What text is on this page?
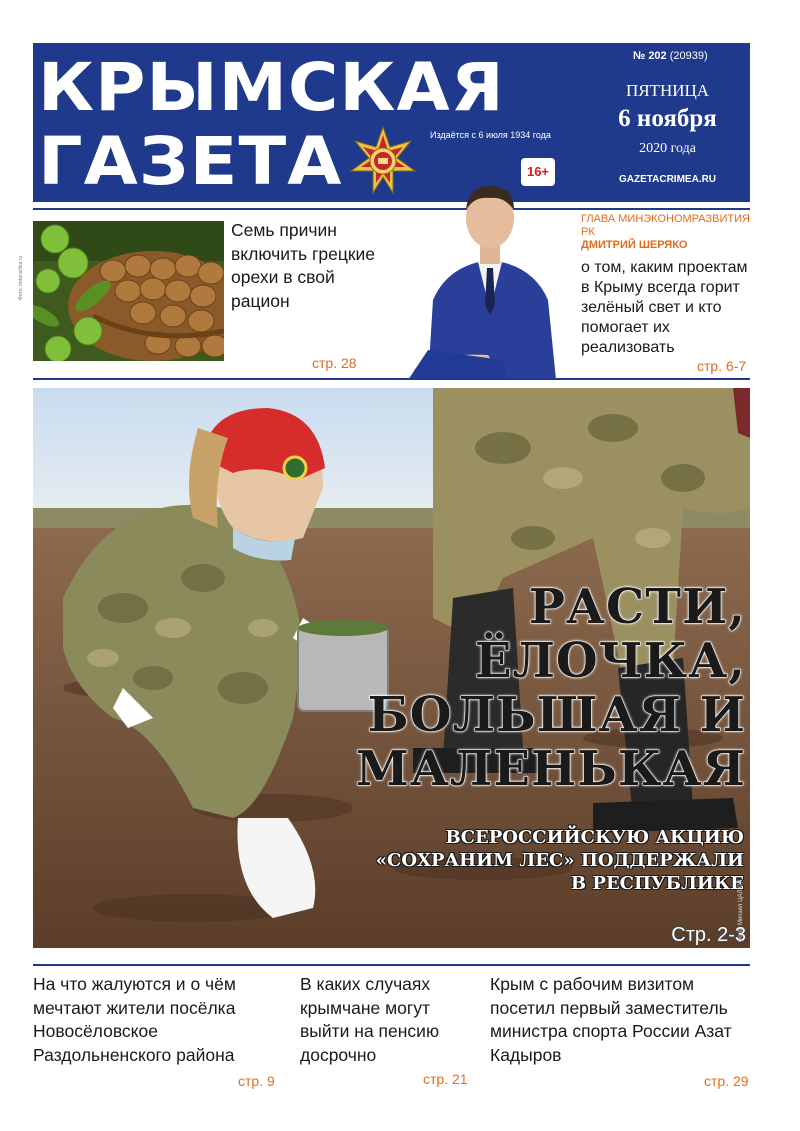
КРЫМСКАЯ
ГАЗЕТА	Издаётся с 6 июля 1934 года
16+
№ 202 (20939)
ПЯТНИЦА
6 ноября
2020 года
GAZETACRIMEA.RU
Фото: botanichka.ru
Семь причин включить грецкие орехи в свой рацион
стр. 28
ГЛАВА МИНЭКОНОМРАЗВИТИЯ РК
ДМИТРИЙ ШЕРЯКО
о том, каким проектам в Крыму всегда горит зелёный свет и кто помогает их реализовать
стр. 6-7
РАСТИ,
ЁЛОЧКА,
БОЛЬШАЯ И
МАЛЕНЬКАЯ
ВСЕРОССИЙСКУЮ АКЦИЮ
«СОХРАНИМ ЛЕС» ПОДДЕРЖАЛИ
В РЕСПУБЛИКЕ
Стр. 2-3
Фото: Михаил ЦАЛЮК
На что жалуются и о чём мечтают жители посёлка Новосёловское Раздольненского района
стр. 9
В каких случаях крымчане могут выйти на пенсию досрочно
стр. 21
Крым с рабочим визитом посетил первый заместитель министра спорта России Азат Кадыров
стр. 29
